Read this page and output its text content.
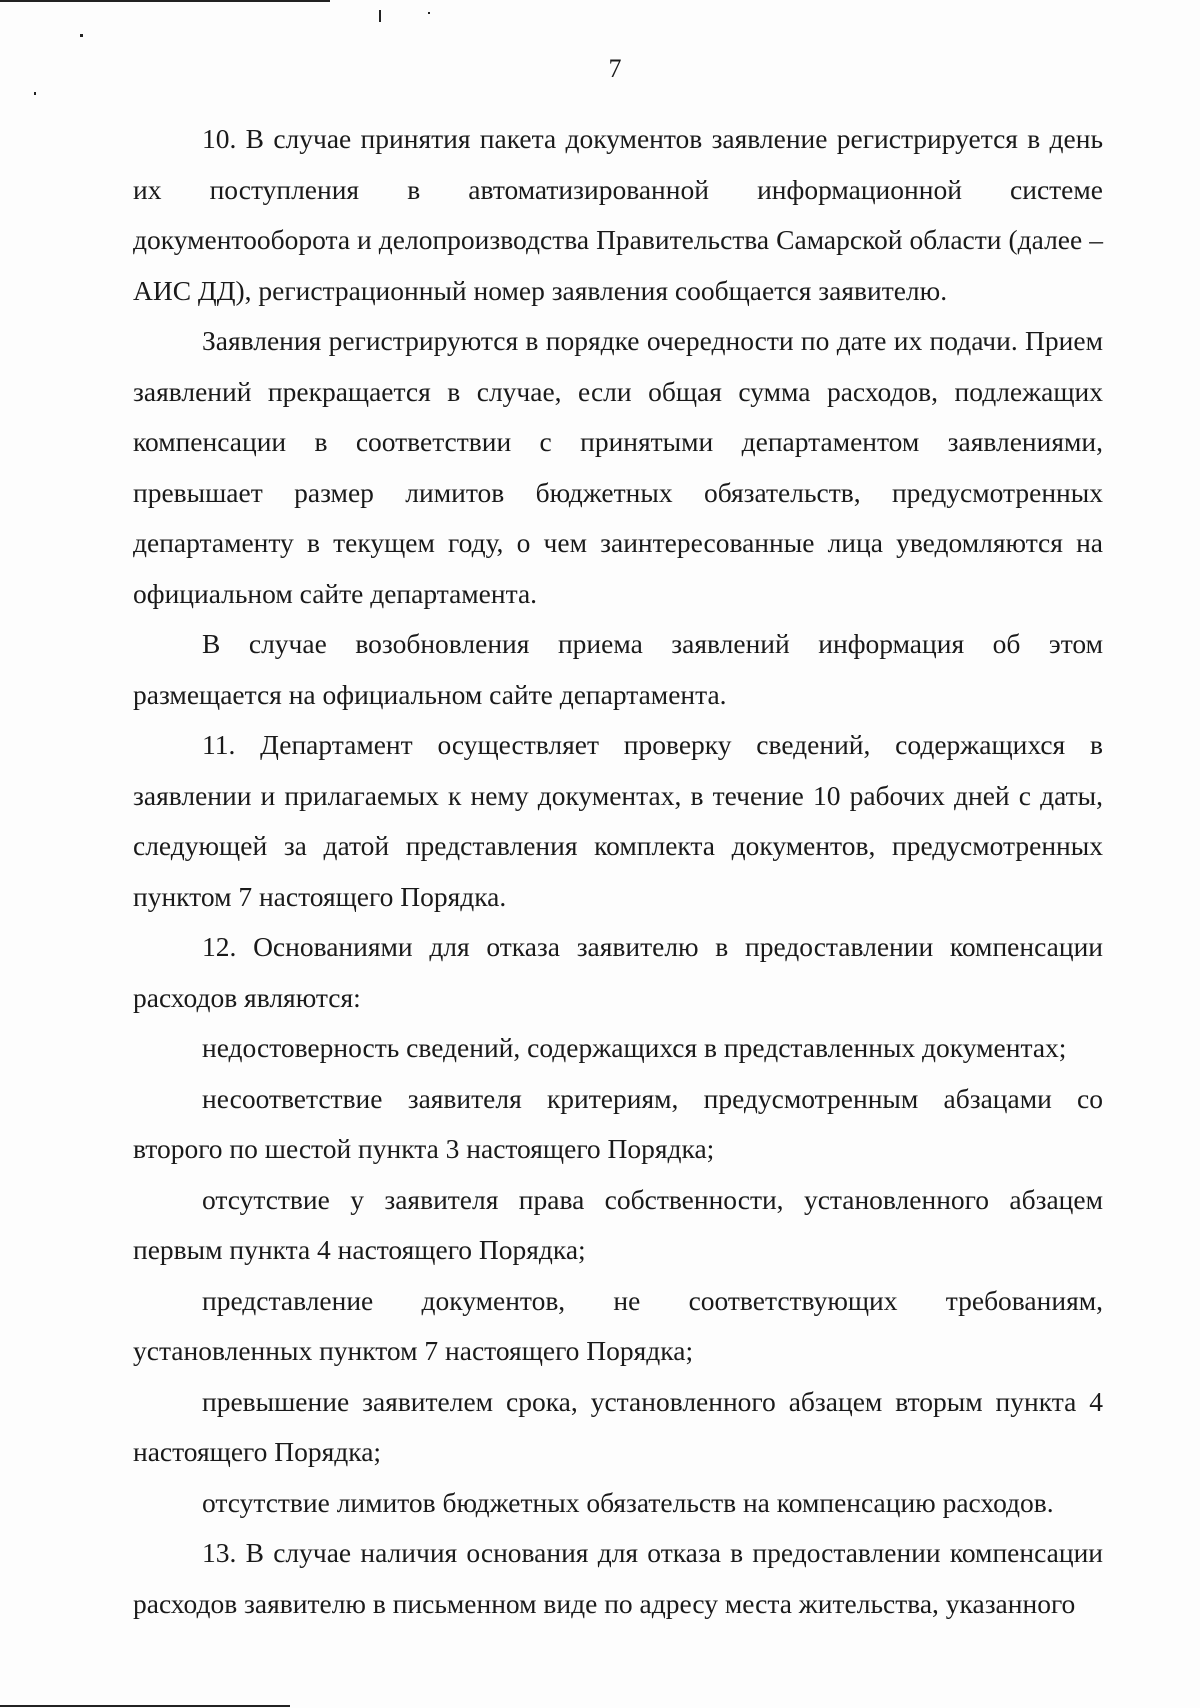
7

10. В случае принятия пакета документов заявление регистрируется в день их поступления в автоматизированной информационной системе документооборота и делопроизводства Правительства Самарской области (далее – АИС ДД), регистрационный номер заявления сообщается заявителю.

Заявления регистрируются в порядке очередности по дате их подачи. Прием заявлений прекращается в случае, если общая сумма расходов, подлежащих компенсации в соответствии с принятыми департаментом заявлениями, превышает размер лимитов бюджетных обязательств, предусмотренных департаменту в текущем году, о чем заинтересованные лица уведомляются на официальном сайте департамента.

В случае возобновления приема заявлений информация об этом размещается на официальном сайте департамента.

11. Департамент осуществляет проверку сведений, содержащихся в заявлении и прилагаемых к нему документах, в течение 10 рабочих дней с даты, следующей за датой представления комплекта документов, предусмотренных пунктом 7 настоящего Порядка.

12. Основаниями для отказа заявителю в предоставлении компенсации расходов являются:

недостоверность сведений, содержащихся в представленных документах;

несоответствие заявителя критериям, предусмотренным абзацами со второго по шестой пункта 3 настоящего Порядка;

отсутствие у заявителя права собственности, установленного абзацем первым пункта 4 настоящего Порядка;

представление документов, не соответствующих требованиям, установленных пунктом 7 настоящего Порядка;

превышение заявителем срока, установленного абзацем вторым пункта 4 настоящего Порядка;

отсутствие лимитов бюджетных обязательств на компенсацию расходов.

13. В случае наличия основания для отказа в предоставлении компенсации расходов заявителю в письменном виде по адресу места жительства, указанного
